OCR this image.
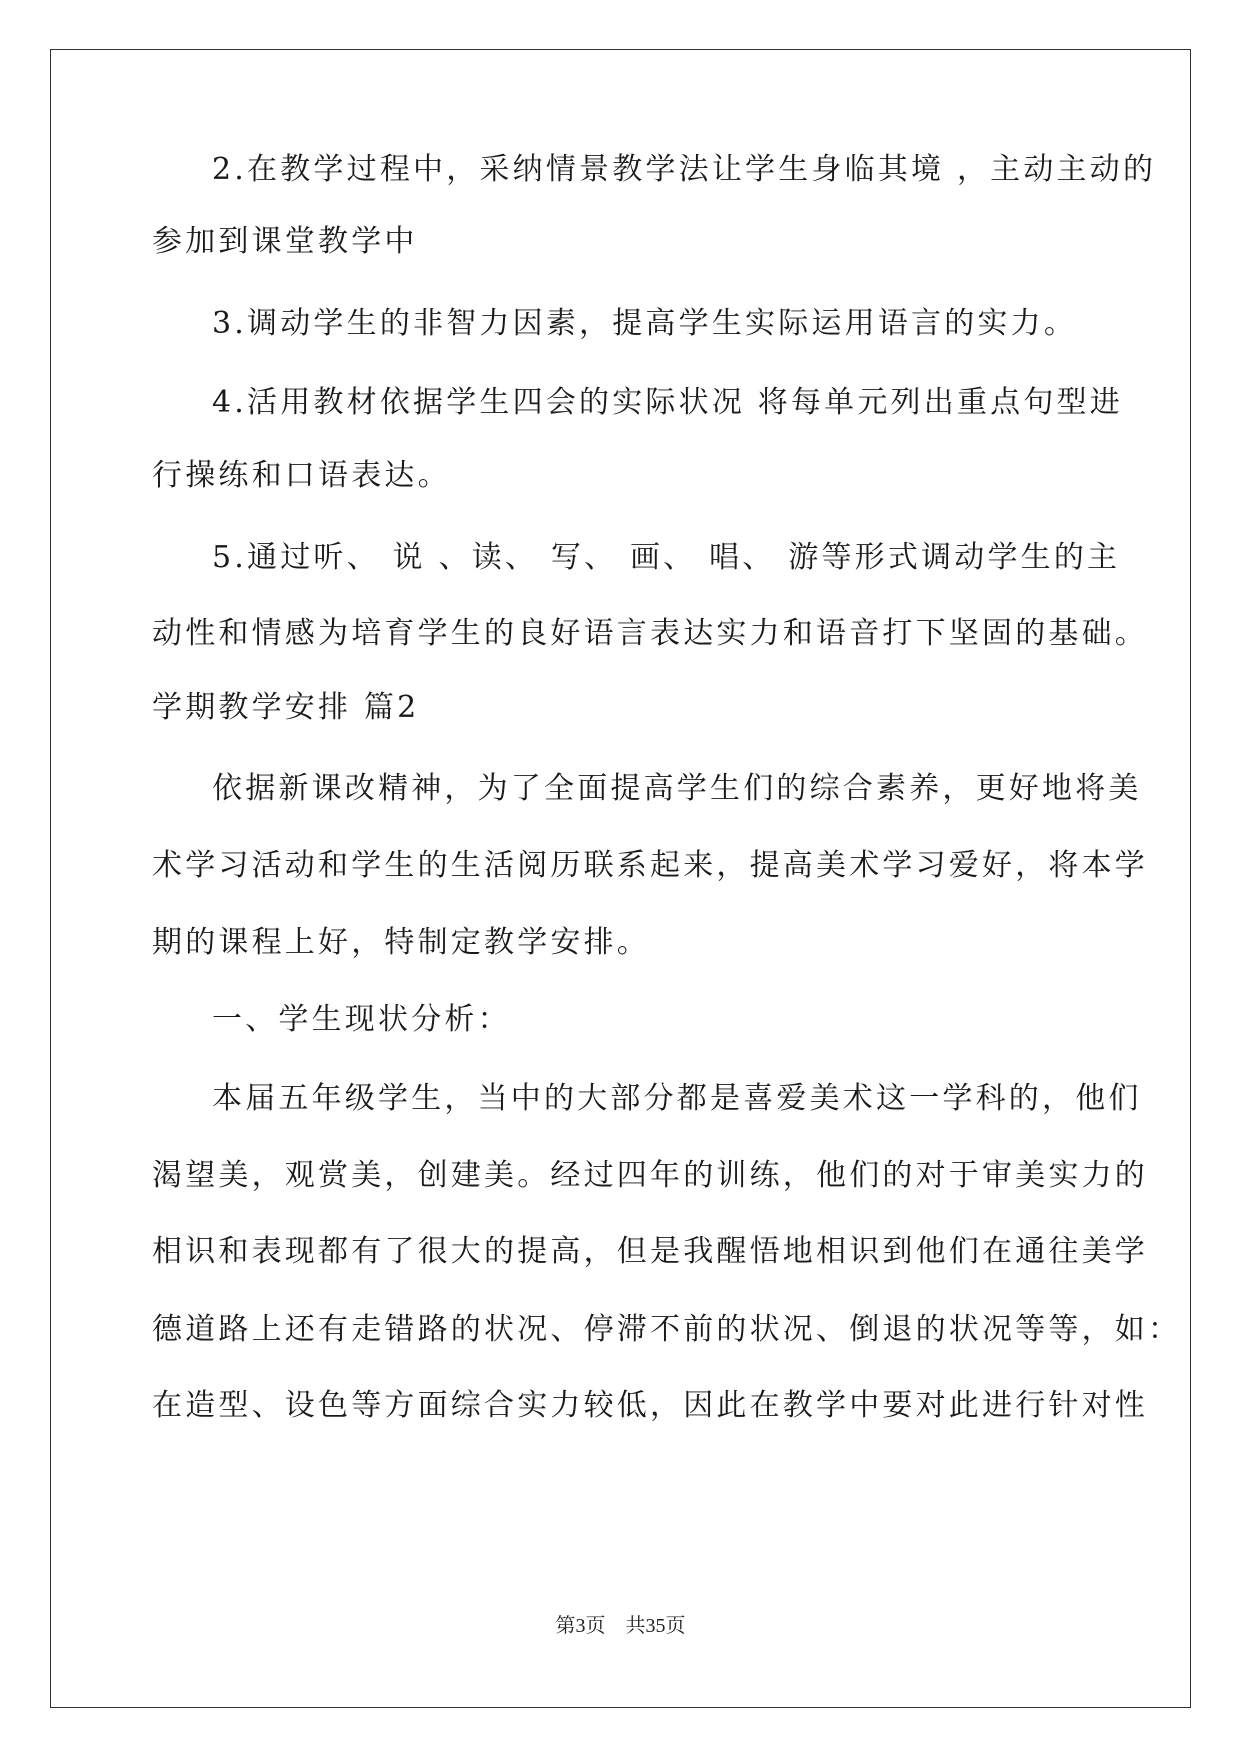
2.在教学过程中，采纳情景教学法让学生身临其境 ，主动主动的
参加到课堂教学中
3.调动学生的非智力因素，提高学生实际运用语言的实力。
4.活用教材依据学生四会的实际状况 将每单元列出重点句型进
行操练和口语表达。
5.通过听、 说 、读、 写、 画、 唱、 游等形式调动学生的主
动性和情感为培育学生的良好语言表达实力和语音打下坚固的基础。
学期教学安排 篇2
依据新课改精神，为了全面提高学生们的综合素养，更好地将美
术学习活动和学生的生活阅历联系起来，提高美术学习爱好，将本学
期的课程上好，特制定教学安排。
一、学生现状分析：
本届五年级学生，当中的大部分都是喜爱美术这一学科的，他们
渴望美，观赏美，创建美。经过四年的训练，他们的对于审美实力的
相识和表现都有了很大的提高，但是我醒悟地相识到他们在通往美学
德道路上还有走错路的状况、停滞不前的状况、倒退的状况等等，如：
在造型、设色等方面综合实力较低，因此在教学中要对此进行针对性
第3页　共35页
